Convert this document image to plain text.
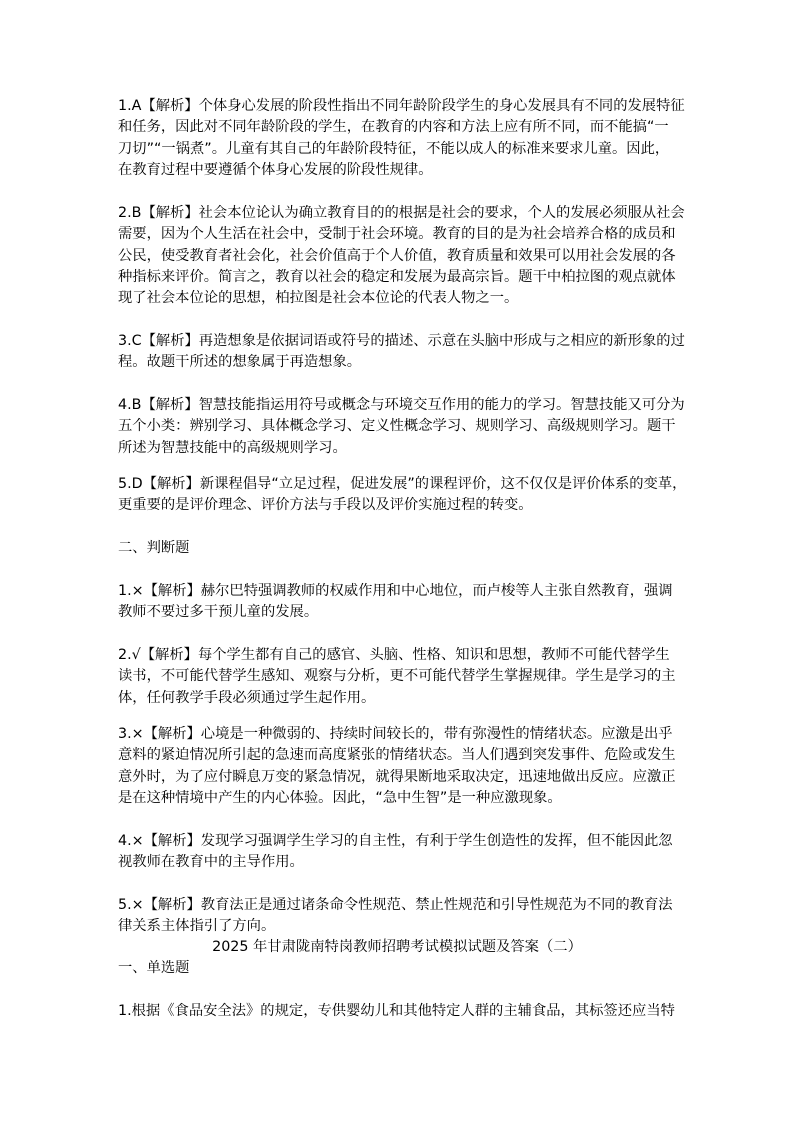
1.A【解析】个体身心发展的阶段性指出不同年龄阶段学生的身心发展具有不同的发展特征
和任务，因此对不同年龄阶段的学生，在教育的内容和方法上应有所不同，而不能搞“一
刀切”“一锅煮”。儿童有其自己的年龄阶段特征，不能以成人的标准来要求儿童。因此，
在教育过程中要遵循个体身心发展的阶段性规律。
2.B【解析】社会本位论认为确立教育目的的根据是社会的要求，个人的发展必须服从社会
需要，因为个人生活在社会中，受制于社会环境。教育的目的是为社会培养合格的成员和
公民，使受教育者社会化，社会价值高于个人价值，教育质量和效果可以用社会发展的各
种指标来评价。简言之，教育以社会的稳定和发展为最高宗旨。题干中柏拉图的观点就体
现了社会本位论的思想，柏拉图是社会本位论的代表人物之一。
3.C【解析】再造想象是依据词语或符号的描述、示意在头脑中形成与之相应的新形象的过
程。故题干所述的想象属于再造想象。
4.B【解析】智慧技能指运用符号或概念与环境交互作用的能力的学习。智慧技能又可分为
五个小类：辨别学习、具体概念学习、定义性概念学习、规则学习、高级规则学习。题干
所述为智慧技能中的高级规则学习。
5.D【解析】新课程倡导“立足过程，促进发展”的课程评价，这不仅仅是评价体系的变革，
更重要的是评价理念、评价方法与手段以及评价实施过程的转变。
二、判断题
1.×【解析】赫尔巴特强调教师的权威作用和中心地位，而卢梭等人主张自然教育，强调
教师不要过多干预儿童的发展。
2.√【解析】每个学生都有自己的感官、头脑、性格、知识和思想，教师不可能代替学生
读书，不可能代替学生感知、观察与分析，更不可能代替学生掌握规律。学生是学习的主
体，任何教学手段必须通过学生起作用。
3.×【解析】心境是一种微弱的、持续时间较长的，带有弥漫性的情绪状态。应激是出乎
意料的紧迫情况所引起的急速而高度紧张的情绪状态。当人们遇到突发事件、危险或发生
意外时，为了应付瞬息万变的紧急情况，就得果断地采取决定，迅速地做出反应。应激正
是在这种情境中产生的内心体验。因此，“急中生智”是一种应激现象。
4.×【解析】发现学习强调学生学习的自主性，有利于学生创造性的发挥，但不能因此忽
视教师在教育中的主导作用。
5.×【解析】教育法正是通过诸条命令性规范、禁止性规范和引导性规范为不同的教育法
律关系主体指引了方向。
2025 年甘肃陇南特岗教师招聘考试模拟试题及答案（二）
一、单选题
1.根据《食品安全法》的规定，专供婴幼儿和其他特定人群的主辅食品，其标签还应当特
